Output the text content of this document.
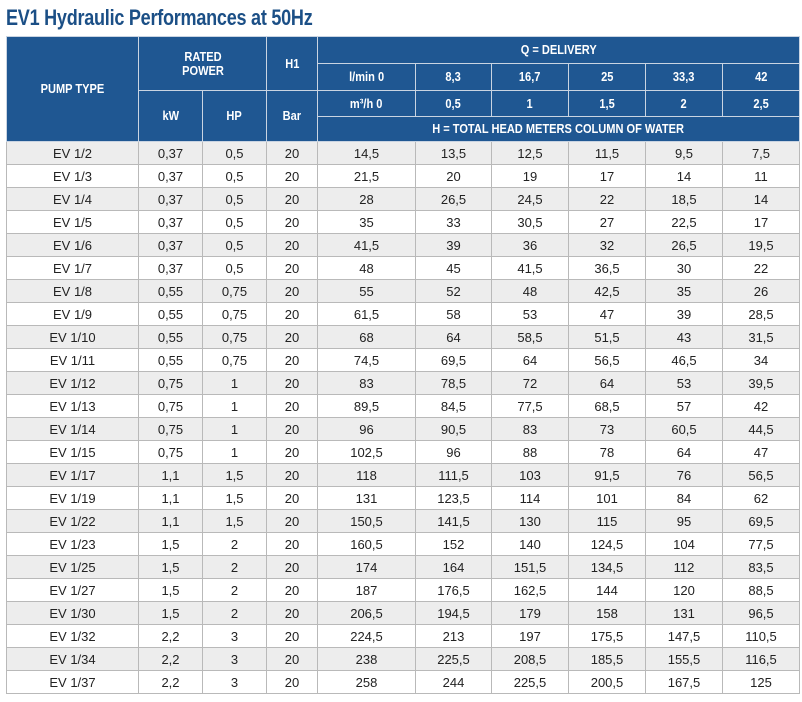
EV1 Hydraulic Performances at 50Hz
PUMP TYPE	RATED POWER		H1	Q = DELIVERY					
				l/min 0	8,3	16,7	25	33,3	42
	kW	HP	Bar	m³/h 0	0,5	1	1,5	2	2,5
				H = TOTAL HEAD METERS COLUMN OF WATER					
EV 1/2	0,37	0,5	20	14,5	13,5	12,5	11,5	9,5	7,5
EV 1/3	0,37	0,5	20	21,5	20	19	17	14	11
EV 1/4	0,37	0,5	20	28	26,5	24,5	22	18,5	14
EV 1/5	0,37	0,5	20	35	33	30,5	27	22,5	17
EV 1/6	0,37	0,5	20	41,5	39	36	32	26,5	19,5
EV 1/7	0,37	0,5	20	48	45	41,5	36,5	30	22
EV 1/8	0,55	0,75	20	55	52	48	42,5	35	26
EV 1/9	0,55	0,75	20	61,5	58	53	47	39	28,5
EV 1/10	0,55	0,75	20	68	64	58,5	51,5	43	31,5
EV 1/11	0,55	0,75	20	74,5	69,5	64	56,5	46,5	34
EV 1/12	0,75	1	20	83	78,5	72	64	53	39,5
EV 1/13	0,75	1	20	89,5	84,5	77,5	68,5	57	42
EV 1/14	0,75	1	20	96	90,5	83	73	60,5	44,5
EV 1/15	0,75	1	20	102,5	96	88	78	64	47
EV 1/17	1,1	1,5	20	118	111,5	103	91,5	76	56,5
EV 1/19	1,1	1,5	20	131	123,5	114	101	84	62
EV 1/22	1,1	1,5	20	150,5	141,5	130	115	95	69,5
EV 1/23	1,5	2	20	160,5	152	140	124,5	104	77,5
EV 1/25	1,5	2	20	174	164	151,5	134,5	112	83,5
EV 1/27	1,5	2	20	187	176,5	162,5	144	120	88,5
EV 1/30	1,5	2	20	206,5	194,5	179	158	131	96,5
EV 1/32	2,2	3	20	224,5	213	197	175,5	147,5	110,5
EV 1/34	2,2	3	20	238	225,5	208,5	185,5	155,5	116,5
EV 1/37	2,2	3	20	258	244	225,5	200,5	167,5	125
